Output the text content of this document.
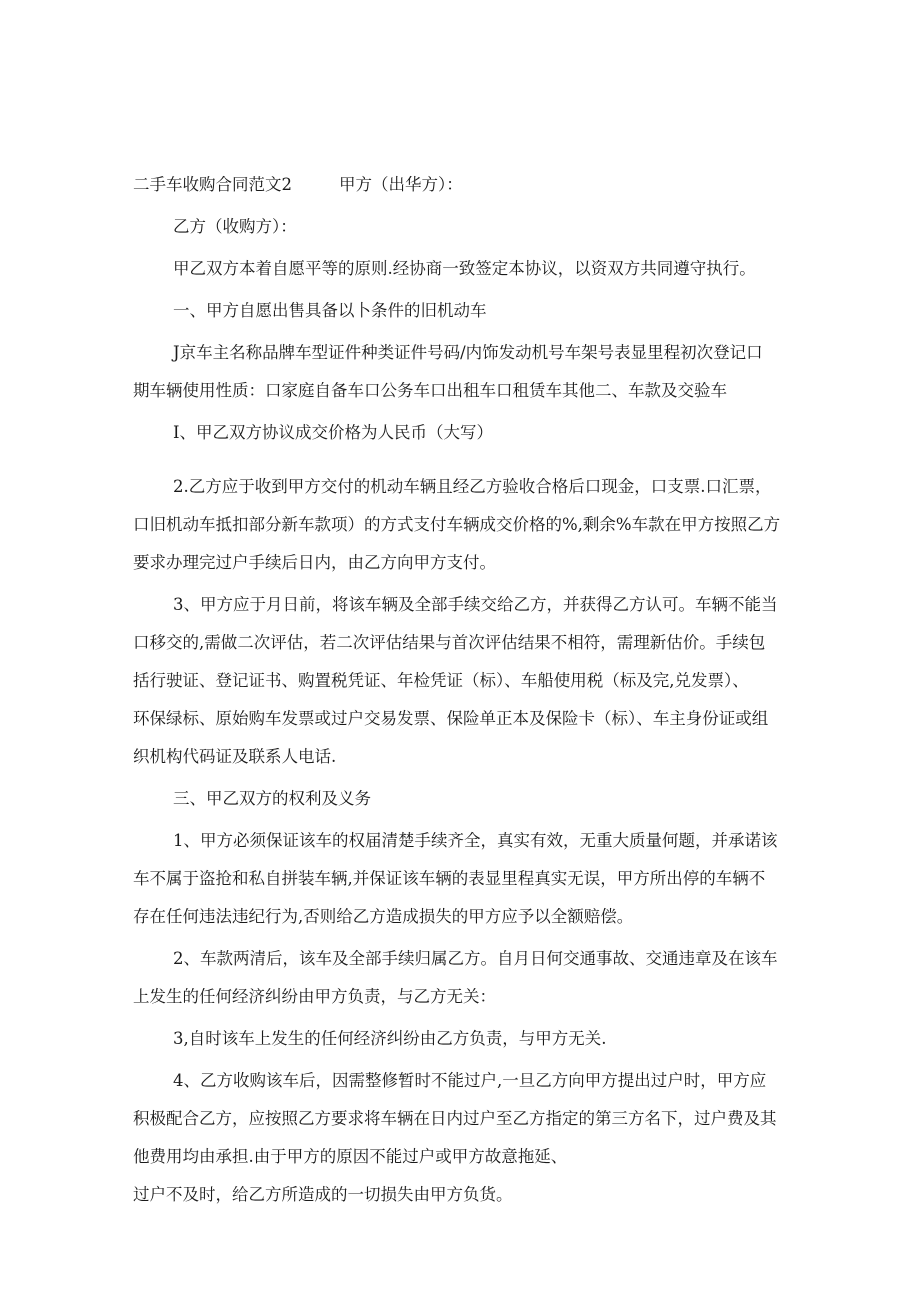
二手车收购合同范文2	甲方（出华方）：

乙方（收购方）：

甲乙双方本着自愿平等的原则.经协商一致签定本协议，以资双方共同遵守执行。

一、甲方自愿出售具备以卜条件的旧机动车

J京车主名称品牌车型证件种类证件号码/内饰发动机号车架号表显里程初次登记口

期车辆使用性质：口家庭自备车口公务车口出租车口租赁车其他二、车款及交验车

I、甲乙双方协议成交价格为人民币（大写）

2.乙方应于收到甲方交付的机动车辆且经乙方验收合格后口现金，口支票.口汇票，

口旧机动车抵扣部分新车款项）的方式支付车辆成交价格的%,剩余%车款在甲方按照乙方

要求办理完过户手续后日内，由乙方向甲方支付。

3、甲方应于月日前，将该车辆及全部手续交给乙方，并获得乙方认可。车辆不能当

口移交的,需做二次评估，若二次评估结果与首次评估结果不相符，需理新估价。手续包

括行驶证、登记证书、购置税凭证、年检凭证（标）、车船使用税（标及完,兑发票）、

环保绿标、原始购车发票或过户交易发票、保险单正本及保险卡（标）、车主身份证或组

织机构代码证及联系人电话.

三、甲乙双方的权利及义务

1、甲方必须保证该车的权届清楚手续齐全，真实有效，无重大质量何题，并承诺该

车不属于盗抢和私自拼装车辆,并保证该车辆的表显里程真实无误，甲方所出停的车辆不

存在任何违法违纪行为,否则给乙方造成损失的甲方应予以全额赔偿。

2、车款两清后，该车及全部手续归属乙方。自月日何交通事故、交通违章及在该车

上发生的任何经济纠纷由甲方负责，与乙方无关：

3,自时该车上发生的任何经济纠纷由乙方负责，与甲方无关.

4、乙方收购该车后，因需整修暂时不能过户,一旦乙方向甲方提出过户时，甲方应

积极配合乙方，应按照乙方要求将车辆在日内过户至乙方指定的第三方名下，过户费及其

他费用均由承担.由于甲方的原因不能过户或甲方故意拖延、

过户不及时，给乙方所造成的一切损失由甲方负货。
